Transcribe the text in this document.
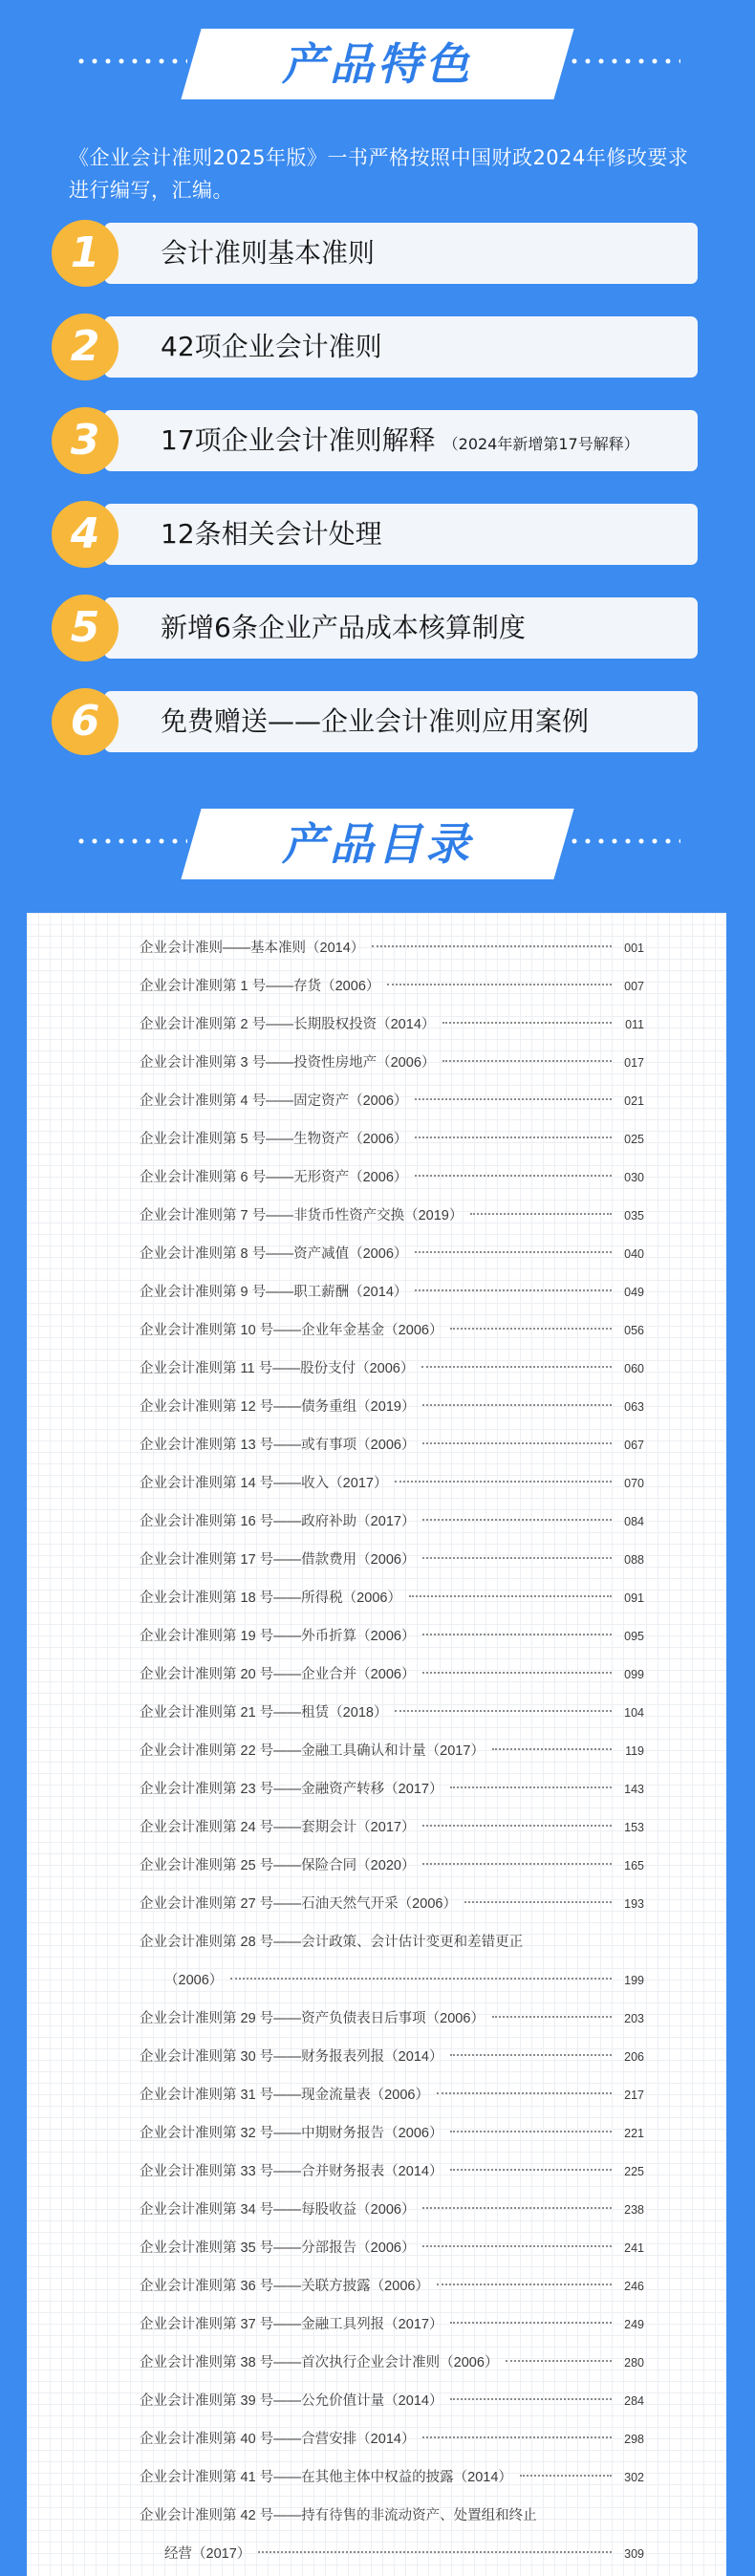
产品特色
《企业会计准则2025年版》一书严格按照中国财政2024年修改要求进行编写，汇编。
1	会计准则基本准则
2	42项企业会计准则
3	17项企业会计准则解释 （2024年新增第17号解释）
4	12条相关会计处理
5	新增6条企业产品成本核算制度
6	免费赠送——企业会计准则应用案例
产品目录
企业会计准则——基本准则（2014）	001
企业会计准则第 1 号——存货（2006）	007
企业会计准则第 2 号——长期股权投资（2014）	011
企业会计准则第 3 号——投资性房地产（2006）	017
企业会计准则第 4 号——固定资产（2006）	021
企业会计准则第 5 号——生物资产（2006）	025
企业会计准则第 6 号——无形资产（2006）	030
企业会计准则第 7 号——非货币性资产交换（2019）	035
企业会计准则第 8 号——资产减值（2006）	040
企业会计准则第 9 号——职工薪酬（2014）	049
企业会计准则第 10 号——企业年金基金（2006）	056
企业会计准则第 11 号——股份支付（2006）	060
企业会计准则第 12 号——债务重组（2019）	063
企业会计准则第 13 号——或有事项（2006）	067
企业会计准则第 14 号——收入（2017）	070
企业会计准则第 16 号——政府补助（2017）	084
企业会计准则第 17 号——借款费用（2006）	088
企业会计准则第 18 号——所得税（2006）	091
企业会计准则第 19 号——外币折算（2006）	095
企业会计准则第 20 号——企业合并（2006）	099
企业会计准则第 21 号——租赁（2018）	104
企业会计准则第 22 号——金融工具确认和计量（2017）	119
企业会计准则第 23 号——金融资产转移（2017）	143
企业会计准则第 24 号——套期会计（2017）	153
企业会计准则第 25 号——保险合同（2020）	165
企业会计准则第 27 号——石油天然气开采（2006）	193
企业会计准则第 28 号——会计政策、会计估计变更和差错更正
（2006）	199
企业会计准则第 29 号——资产负债表日后事项（2006）	203
企业会计准则第 30 号——财务报表列报（2014）	206
企业会计准则第 31 号——现金流量表（2006）	217
企业会计准则第 32 号——中期财务报告（2006）	221
企业会计准则第 33 号——合并财务报表（2014）	225
企业会计准则第 34 号——每股收益（2006）	238
企业会计准则第 35 号——分部报告（2006）	241
企业会计准则第 36 号——关联方披露（2006）	246
企业会计准则第 37 号——金融工具列报（2017）	249
企业会计准则第 38 号——首次执行企业会计准则（2006）	280
企业会计准则第 39 号——公允价值计量（2014）	284
企业会计准则第 40 号——合营安排（2014）	298
企业会计准则第 41 号——在其他主体中权益的披露（2014）	302
企业会计准则第 42 号——持有待售的非流动资产、处置组和终止
经营（2017）	309
